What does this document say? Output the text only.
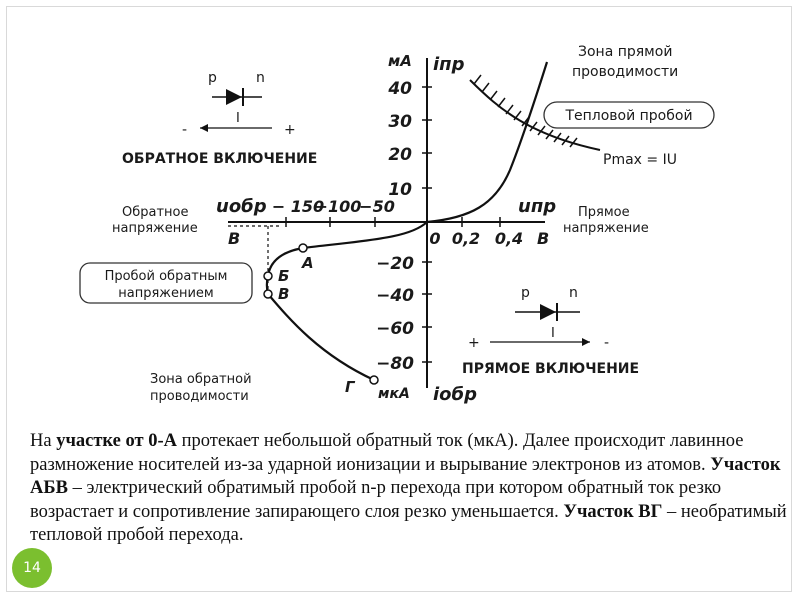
мА iпр
мкА iобр
uобр
В
uпр
В
40
30
20
10
−20
−40
−60
−80
− 150
−100
−50
0 0,2 0,4
А
Б
В
Г
Зона прямой
проводимости
Тепловой пробой
Pmax = IU
Обратное
напряжение
Прямое
напряжение
ОБРАТНОЕ ВКЛЮЧЕНИЕ
ПРЯМОЕ ВКЛЮЧЕНИЕ
Пробой обратным
напряжением
Зона обратной
проводимости
p	n
I
-	+
p	n
I
+	-
На участке от 0-А протекает небольшой обратный ток (мкА). Далее происходит лавинное размножение носителей из-за ударной ионизации и вырывание электронов из атомов. Участок АБВ – электрический обратимый пробой n-p перехода при котором обратный ток резко возрастает и сопротивление запирающего слоя резко уменьшается. Участок ВГ – необратимый тепловой пробой перехода.
14
